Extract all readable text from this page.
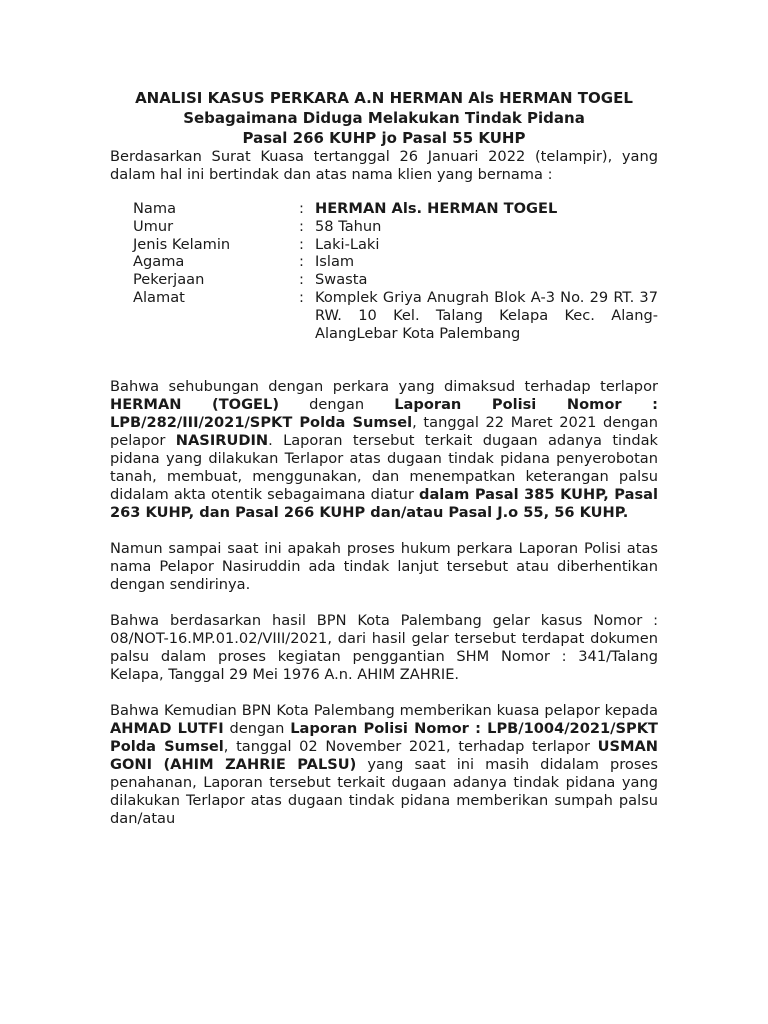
ANALISI KASUS PERKARA A.N HERMAN Als HERMAN TOGEL
Sebagaimana Diduga Melakukan Tindak Pidana
Pasal 266 KUHP jo Pasal 55 KUHP

Berdasarkan Surat Kuasa tertanggal 26 Januari 2022 (telampir), yang dalam hal ini bertindak dan atas nama klien yang bernama :

Nama	:	HERMAN Als. HERMAN TOGEL
Umur	:	58 Tahun
Jenis Kelamin	:	Laki-Laki
Agama	:	Islam
Pekerjaan	:	Swasta
Alamat	:	Komplek Griya Anugrah Blok A-3 No. 29 RT. 37 RW. 10 Kel. Talang Kelapa Kec. Alang-AlangLebar Kota Palembang

Bahwa sehubungan dengan perkara yang dimaksud terhadap terlapor HERMAN (TOGEL) dengan Laporan Polisi Nomor : LPB/282/III/2021/SPKT Polda Sumsel, tanggal 22 Maret 2021 dengan pelapor NASIRUDIN. Laporan tersebut terkait dugaan adanya tindak pidana yang dilakukan Terlapor atas dugaan tindak pidana penyerobotan tanah, membuat, menggunakan, dan menempatkan keterangan palsu didalam akta otentik sebagaimana diatur dalam Pasal 385 KUHP, Pasal 263 KUHP, dan Pasal 266 KUHP dan/atau Pasal J.o 55, 56 KUHP.

Namun sampai saat ini apakah proses hukum perkara Laporan Polisi atas nama Pelapor Nasiruddin ada tindak lanjut tersebut atau diberhentikan dengan sendirinya.

Bahwa berdasarkan hasil BPN Kota Palembang gelar kasus Nomor : 08/NOT-16.MP.01.02/VIII/2021, dari hasil gelar tersebut terdapat dokumen palsu dalam proses kegiatan penggantian SHM Nomor : 341/Talang Kelapa, Tanggal 29 Mei 1976 A.n. AHIM ZAHRIE.

Bahwa Kemudian BPN Kota Palembang memberikan kuasa pelapor kepada AHMAD LUTFI dengan Laporan Polisi Nomor : LPB/1004/2021/SPKT Polda Sumsel, tanggal 02 November 2021, terhadap terlapor USMAN GONI (AHIM ZAHRIE PALSU) yang saat ini masih didalam proses penahanan, Laporan tersebut terkait dugaan adanya tindak pidana yang dilakukan Terlapor atas dugaan tindak pidana memberikan sumpah palsu dan/atau
